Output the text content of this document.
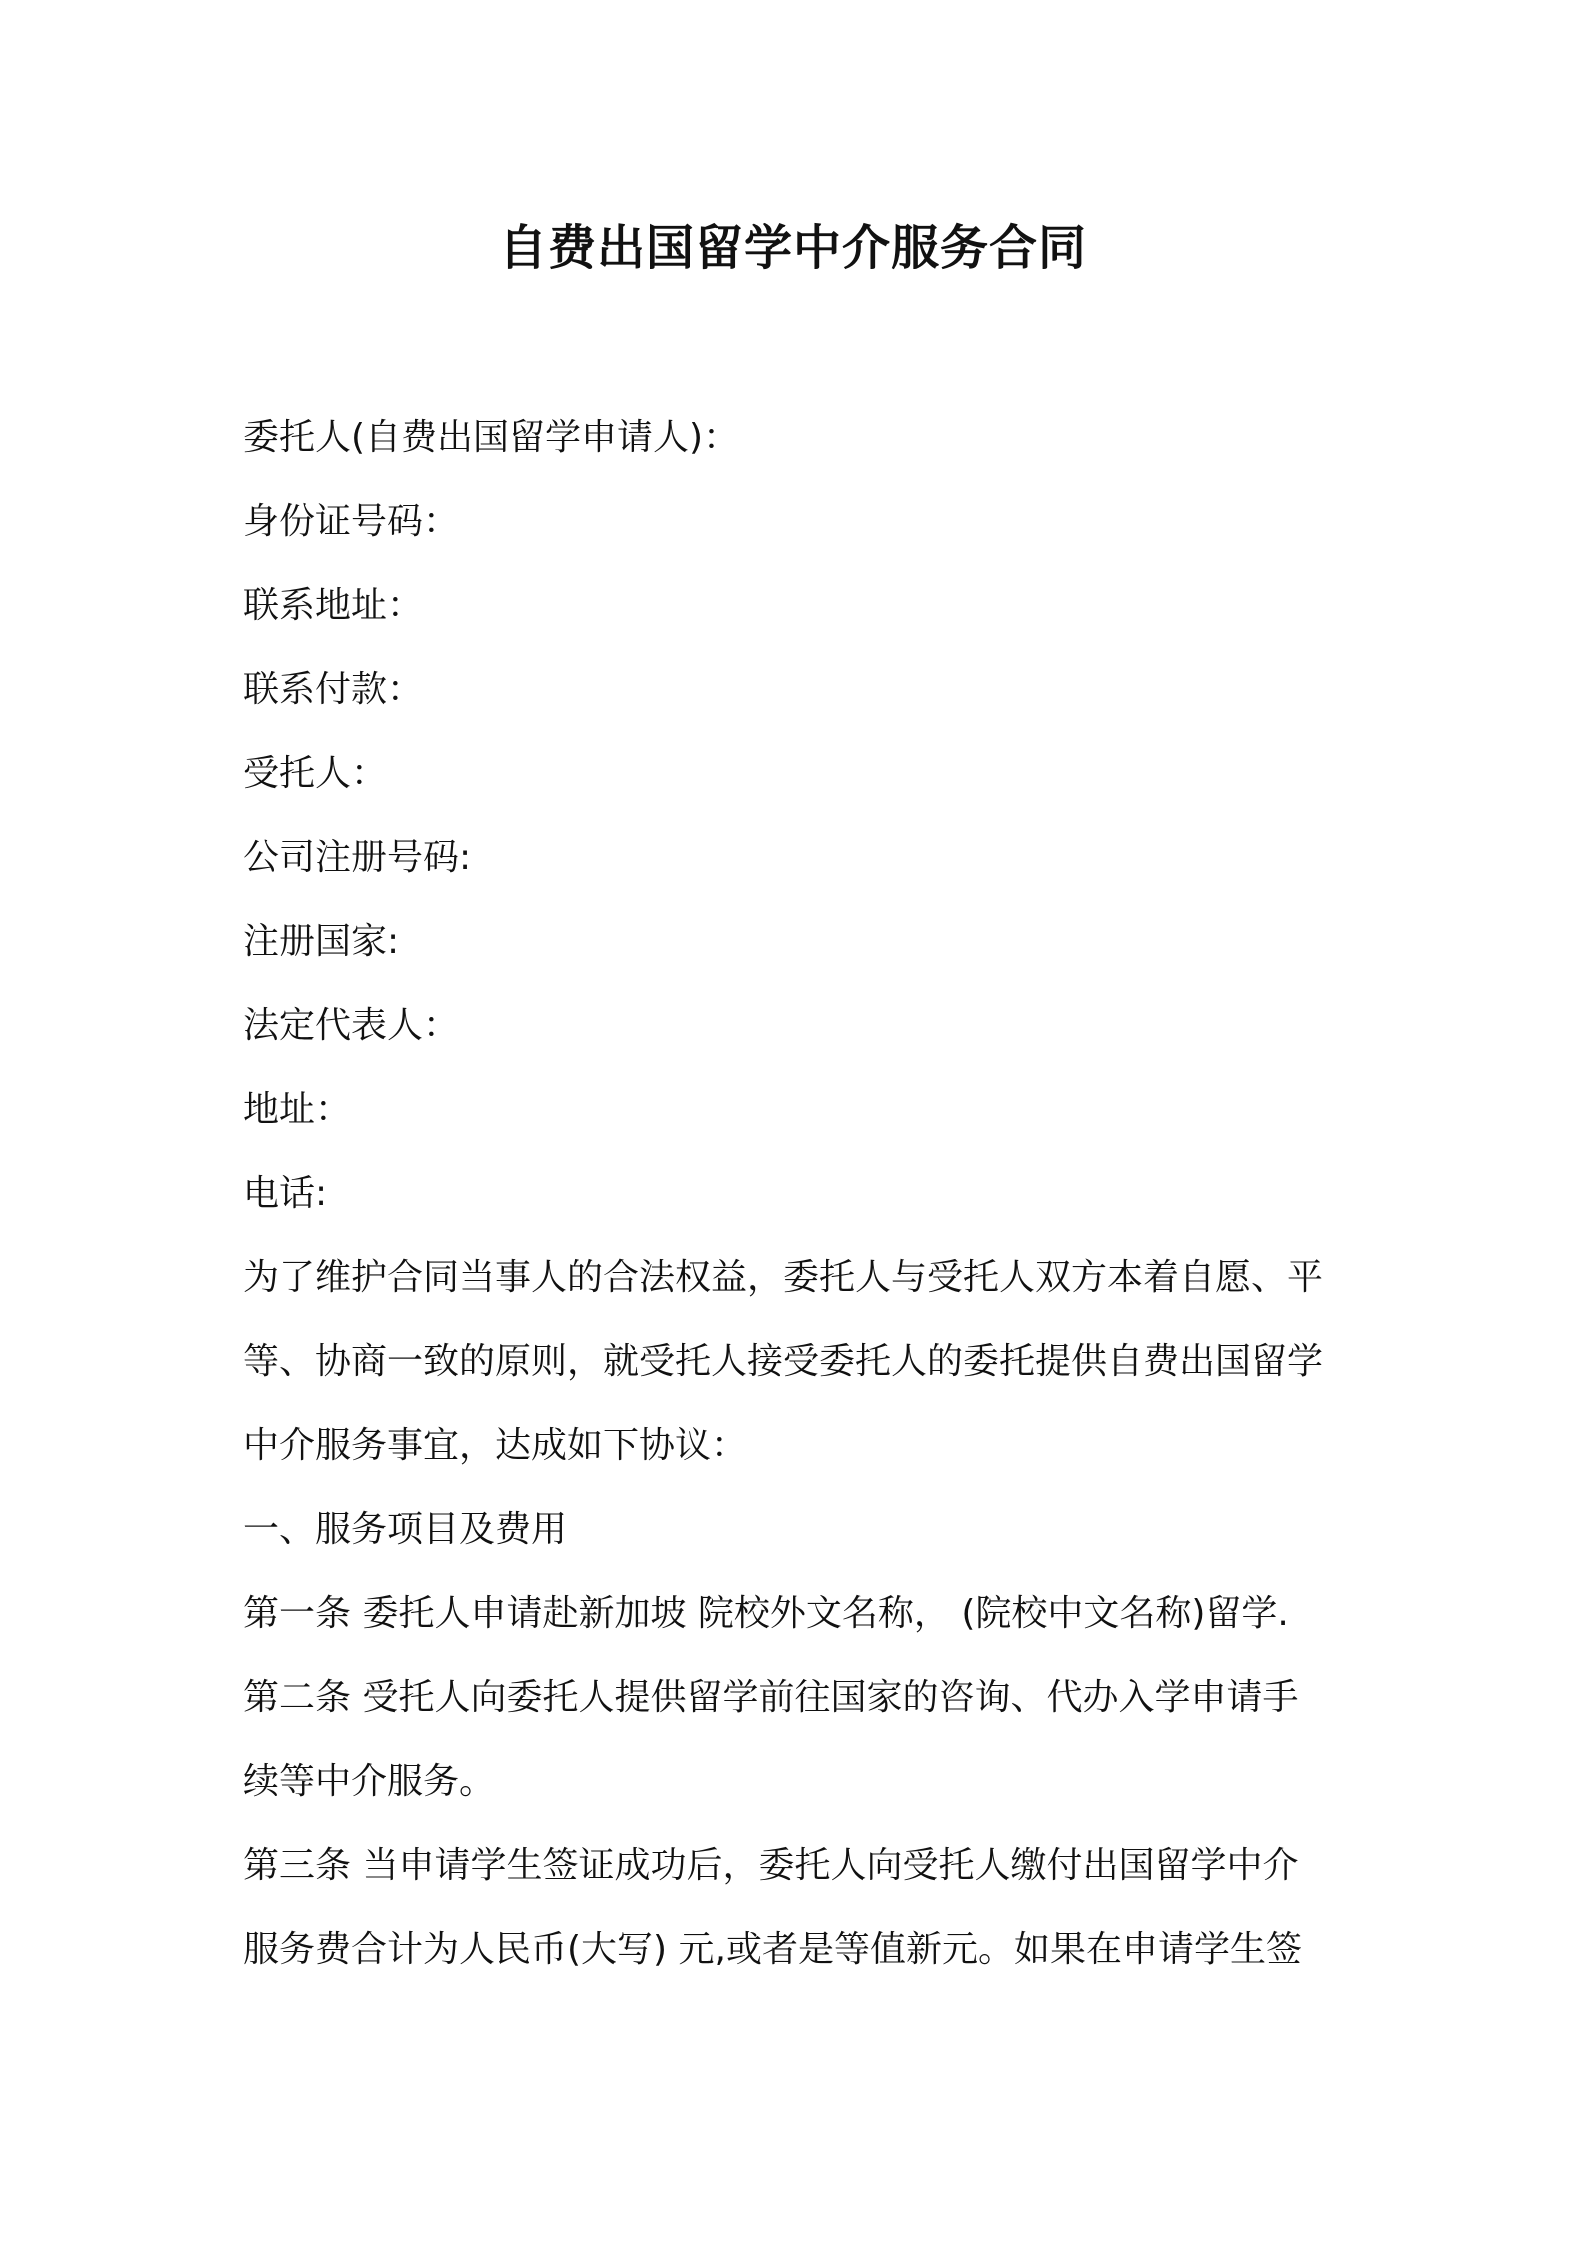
自费出国留学中介服务合同
委托人(自费出国留学申请人)：
身份证号码：
联系地址：
联系付款：
受托人：
公司注册号码:
注册国家:
法定代表人：
地址：
电话:
为了维护合同当事人的合法权益，委托人与受托人双方本着自愿、平
等、协商一致的原则，就受托人接受委托人的委托提供自费出国留学
中介服务事宜，达成如下协议：
一、服务项目及费用
第一条 委托人申请赴新加坡 院校外文名称， (院校中文名称)留学.
第二条 受托人向委托人提供留学前往国家的咨询、代办入学申请手
续等中介服务。
第三条 当申请学生签证成功后，委托人向受托人缴付出国留学中介
服务费合计为人民币(大写) 元,或者是等值新元。如果在申请学生签
